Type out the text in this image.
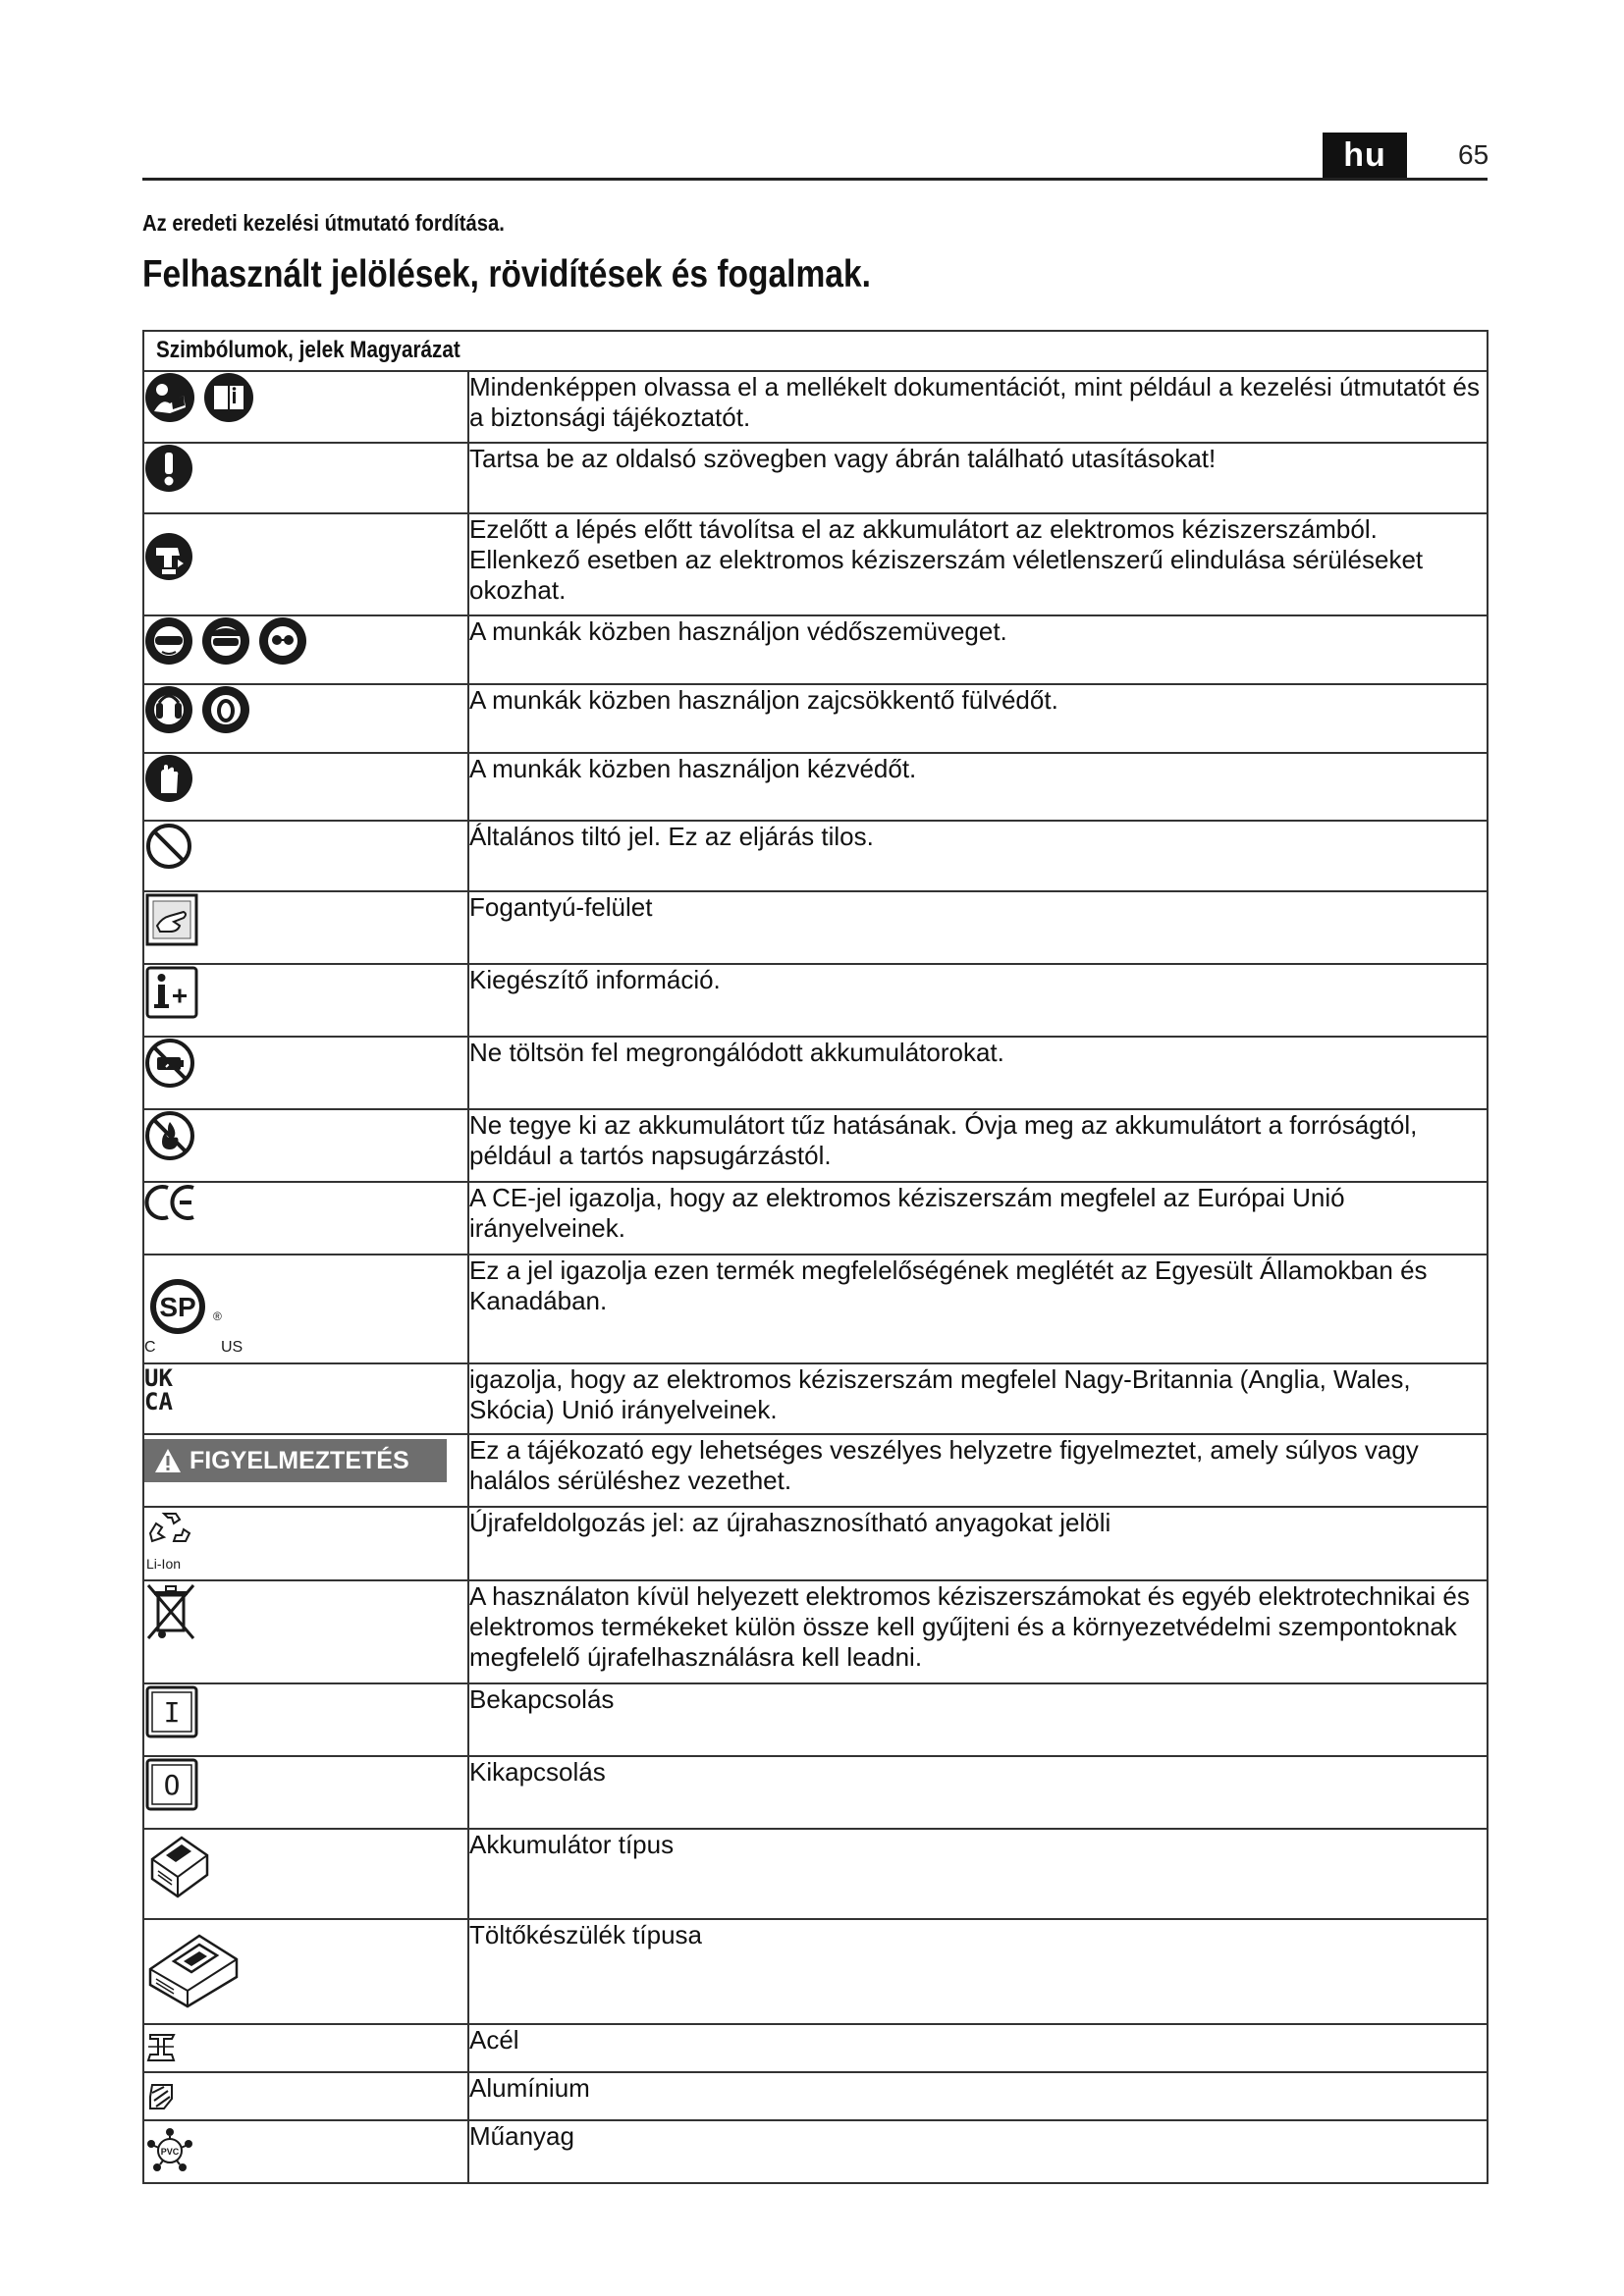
hu	65
Az eredeti kezelési útmutató fordítása.
Felhasznált jelölések, rövidítések és fogalmak.
Szimbólumok, jelek Magyarázat	

	Mindenképpen olvassa el a mellékelt dokumentációt, mint például a kezelési útmutatót és a biztonsági tájékoztatót.

	Tartsa be az oldalsó szövegben vagy ábrán található utasításokat!

	Ezelőtt a lépés előtt távolítsa el az akkumulátort az elektromos kéziszerszámból. Ellenkező esetben az elektromos kéziszerszám véletlenszerű elindulása sérüléseket okozhat.

	A munkák közben használjon védőszemüveget.

	A munkák közben használjon zajcsökkentő fülvédőt.

	A munkák közben használjon kézvédőt.

	Általános tiltó jel. Ez az eljárás tilos.

	Fogantyú-felület

	Kiegészítő információ.

	Ne töltsön fel megrongálódott akkumulátorokat.

	Ne tegye ki az akkumulátort tűz hatásának. Óvja meg az akkumulátort a forróságtól, például a tartós napsugárzástól.

	A CE-jel igazolja, hogy az elektromos kéziszerszám megfelel az Európai Unió irányelveinek.

SP ®
C US	Ez a jel igazolja ezen termék megfelelőségének meglétét az Egyesült Államokban és Kanadában.

UK
CA	igazolja, hogy az elektromos kéziszerszám megfelel Nagy-Britannia (Anglia, Wales, Skócia) Unió irányelveinek.

FIGYELMEZTETÉS	Ez a tájékozató egy lehetséges veszélyes helyzetre figyelmeztet, amely súlyos vagy halálos sérüléshez vezethet.

Li-Ion	Újrafeldolgozás jel: az újrahasznosítható anyagokat jelöli

	A használaton kívül helyezett elektromos kéziszerszámokat és egyéb elektrotechnikai és elektromos termékeket külön össze kell gyűjteni és a környezetvédelmi szempontoknak megfelelő újrafelhasználásra kell leadni.

I	Bekapcsolás

O	Kikapcsolás

	Akkumulátor típus

	Töltőkészülék típusa

	Acél

	Alumínium

PVC	Műanyag
